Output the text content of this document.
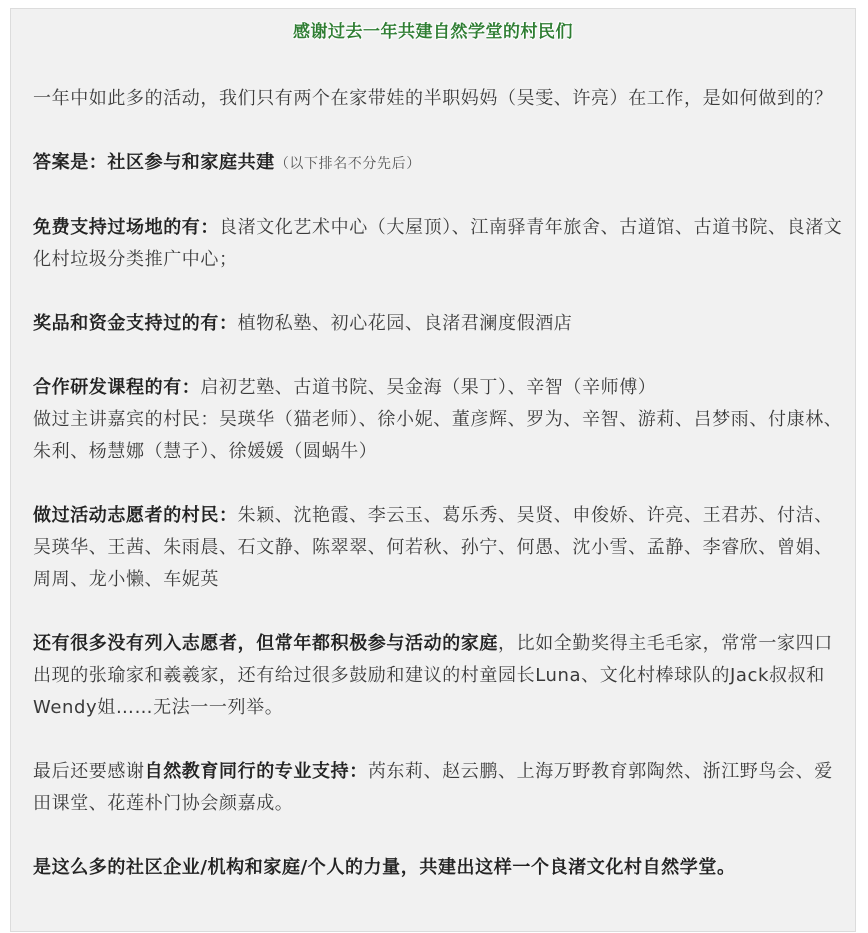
感谢过去一年共建自然学堂的村民们

一年中如此多的活动，我们只有两个在家带娃的半职妈妈（吴雯、许亮）在工作，是如何做到的？

答案是：社区参与和家庭共建（以下排名不分先后）

免费支持过场地的有：良渚文化艺术中心（大屋顶）、江南驿青年旅舍、古道馆、古道书院、良渚文化村垃圾分类推广中心；

奖品和资金支持过的有：植物私塾、初心花园、良渚君澜度假酒店

合作研发课程的有：启初艺塾、古道书院、吴金海（果丁）、辛智（辛师傅）

做过主讲嘉宾的村民：吴瑛华（猫老师）、徐小妮、董彦辉、罗为、辛智、游莉、吕梦雨、付康林、朱利、杨慧娜（慧子）、徐媛媛（圆蜗牛）

做过活动志愿者的村民：朱颖、沈艳霞、李云玉、葛乐秀、吴贤、申俊娇、许亮、王君苏、付洁、吴瑛华、王茜、朱雨晨、石文静、陈翠翠、何若秋、孙宁、何愚、沈小雪、孟静、李睿欣、曾娟、周周、龙小懒、车妮英

还有很多没有列入志愿者，但常年都积极参与活动的家庭，比如全勤奖得主毛毛家，常常一家四口出现的张瑜家和羲羲家，还有给过很多鼓励和建议的村童园长Luna、文化村棒球队的Jack叔叔和Wendy姐……无法一一列举。

最后还要感谢自然教育同行的专业支持：芮东莉、赵云鹏、上海万野教育郭陶然、浙江野鸟会、爱田课堂、花莲朴门协会颜嘉成。

是这么多的社区企业/机构和家庭/个人的力量，共建出这样一个良渚文化村自然学堂。
